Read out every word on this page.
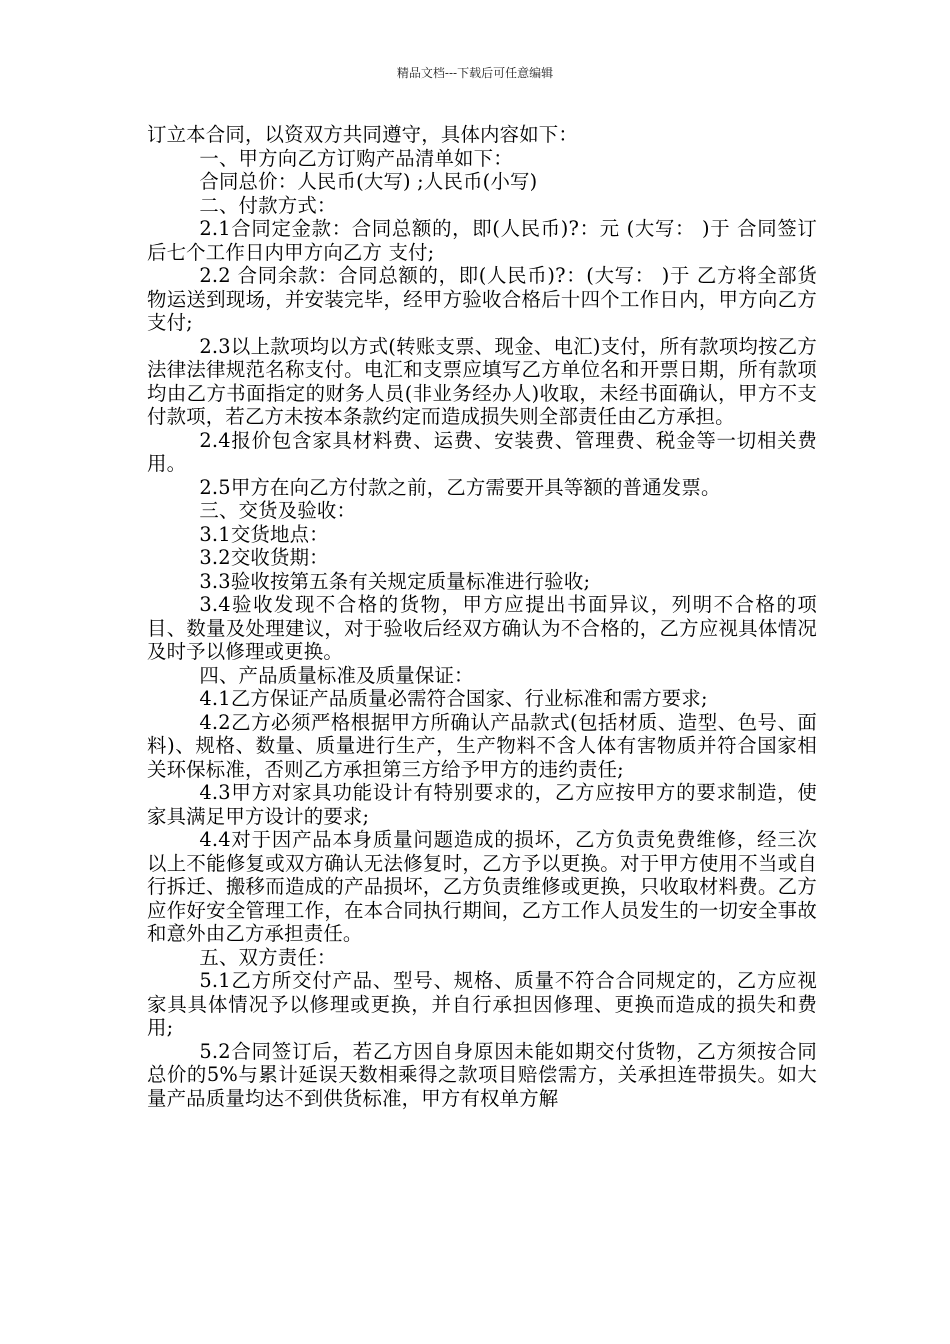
精品文档---下载后可任意编辑

订立本合同，以资双方共同遵守，具体内容如下：

一、甲方向乙方订购产品清单如下：

合同总价：人民币(大写) ;人民币(小写)

二、付款方式：

2.1合同定金款：合同总额的，即(人民币)?：元 (大写： )于 合同签订后七个工作日内甲方向乙方 支付;

2.2 合同余款：合同总额的，即(人民币)?：(大写： )于 乙方将全部货物运送到现场，并安装完毕，经甲方验收合格后十四个工作日内，甲方向乙方支付;

2.3以上款项均以方式(转账支票、现金、电汇)支付，所有款项均按乙方法律法律规范名称支付。电汇和支票应填写乙方单位名和开票日期，所有款项均由乙方书面指定的财务人员(非业务经办人)收取，未经书面确认，甲方不支付款项，若乙方未按本条款约定而造成损失则全部责任由乙方承担。

2.4报价包含家具材料费、运费、安装费、管理费、税金等一切相关费用。

2.5甲方在向乙方付款之前，乙方需要开具等额的普通发票。

三、交货及验收：

3.1交货地点：

3.2交收货期：

3.3验收按第五条有关规定质量标准进行验收;

3.4验收发现不合格的货物，甲方应提出书面异议，列明不合格的项目、数量及处理建议，对于验收后经双方确认为不合格的，乙方应视具体情况及时予以修理或更换。

四、产品质量标准及质量保证：

4.1乙方保证产品质量必需符合国家、行业标准和需方要求;

4.2乙方必须严格根据甲方所确认产品款式(包括材质、造型、色号、面料)、规格、数量、质量进行生产，生产物料不含人体有害物质并符合国家相关环保标准，否则乙方承担第三方给予甲方的违约责任;

4.3甲方对家具功能设计有特别要求的，乙方应按甲方的要求制造，使家具满足甲方设计的要求;

4.4对于因产品本身质量问题造成的损坏，乙方负责免费维修，经三次以上不能修复或双方确认无法修复时，乙方予以更换。对于甲方使用不当或自行拆迁、搬移而造成的产品损坏，乙方负责维修或更换，只收取材料费。乙方应作好安全管理工作，在本合同执行期间，乙方工作人员发生的一切安全事故和意外由乙方承担责任。

五、双方责任：

5.1乙方所交付产品、型号、规格、质量不符合合同规定的，乙方应视家具具体情况予以修理或更换，并自行承担因修理、更换而造成的损失和费用;

5.2合同签订后，若乙方因自身原因未能如期交付货物，乙方须按合同总价的5%与累计延误天数相乘得之款项目赔偿需方，关承担连带损失。如大量产品质量均达不到供货标准，甲方有权单方解
